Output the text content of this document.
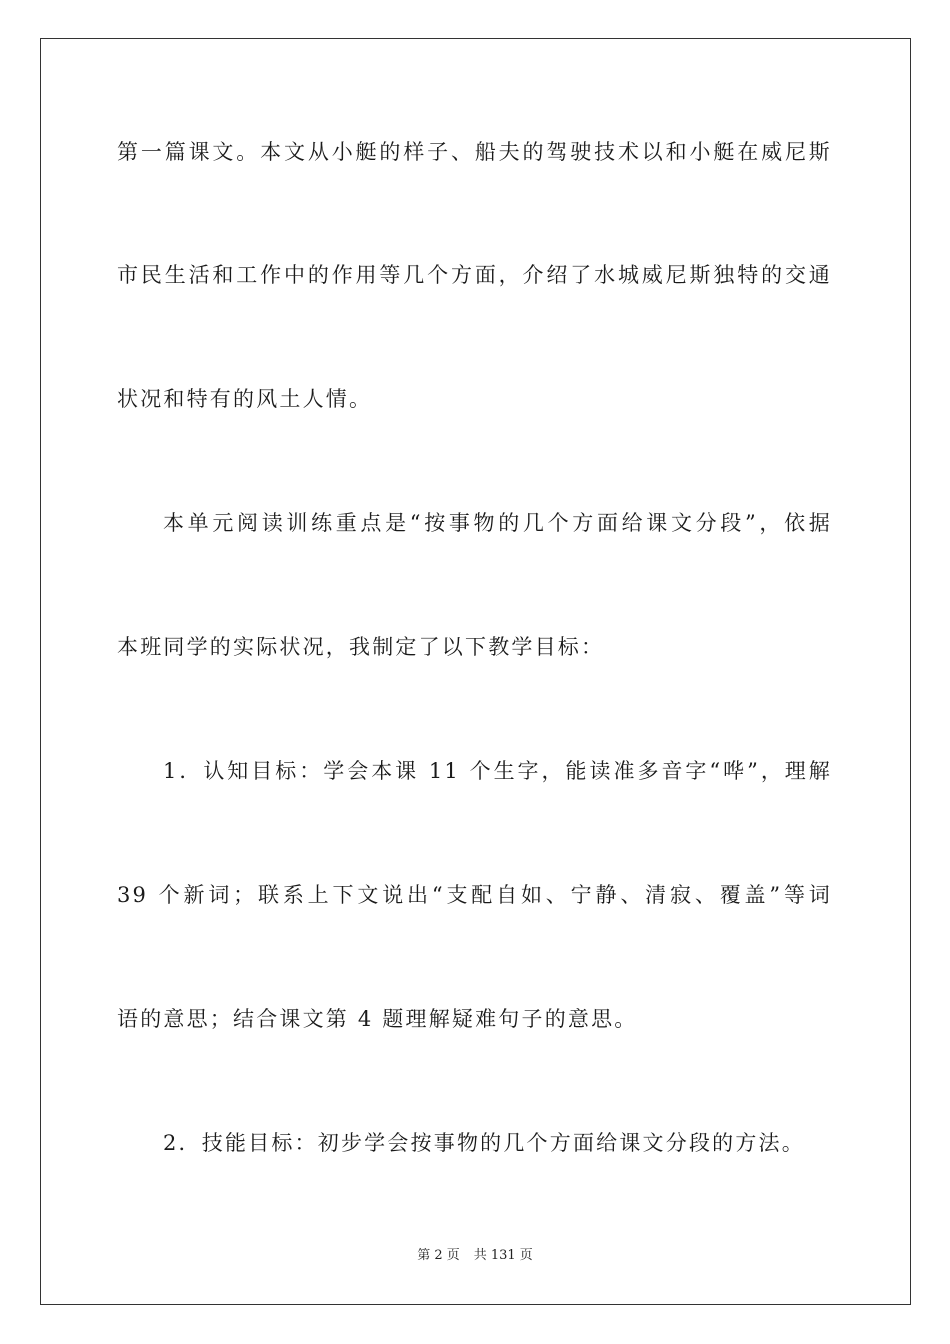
第一篇课文。本文从小艇的样子、船夫的驾驶技术以和小艇在威尼斯
市民生活和工作中的作用等几个方面，介绍了水城威尼斯独特的交通
状况和特有的风土人情。
本单元阅读训练重点是“按事物的几个方面给课文分段”，依据
本班同学的实际状况，我制定了以下教学目标：
1．认知目标：学会本课 11 个生字，能读准多音字“哗”，理解
39 个新词；联系上下文说出“支配自如、宁静、清寂、覆盖”等词
语的意思；结合课文第 4 题理解疑难句子的意思。
2．技能目标：初步学会按事物的几个方面给课文分段的方法。
第 2 页 共 131 页
